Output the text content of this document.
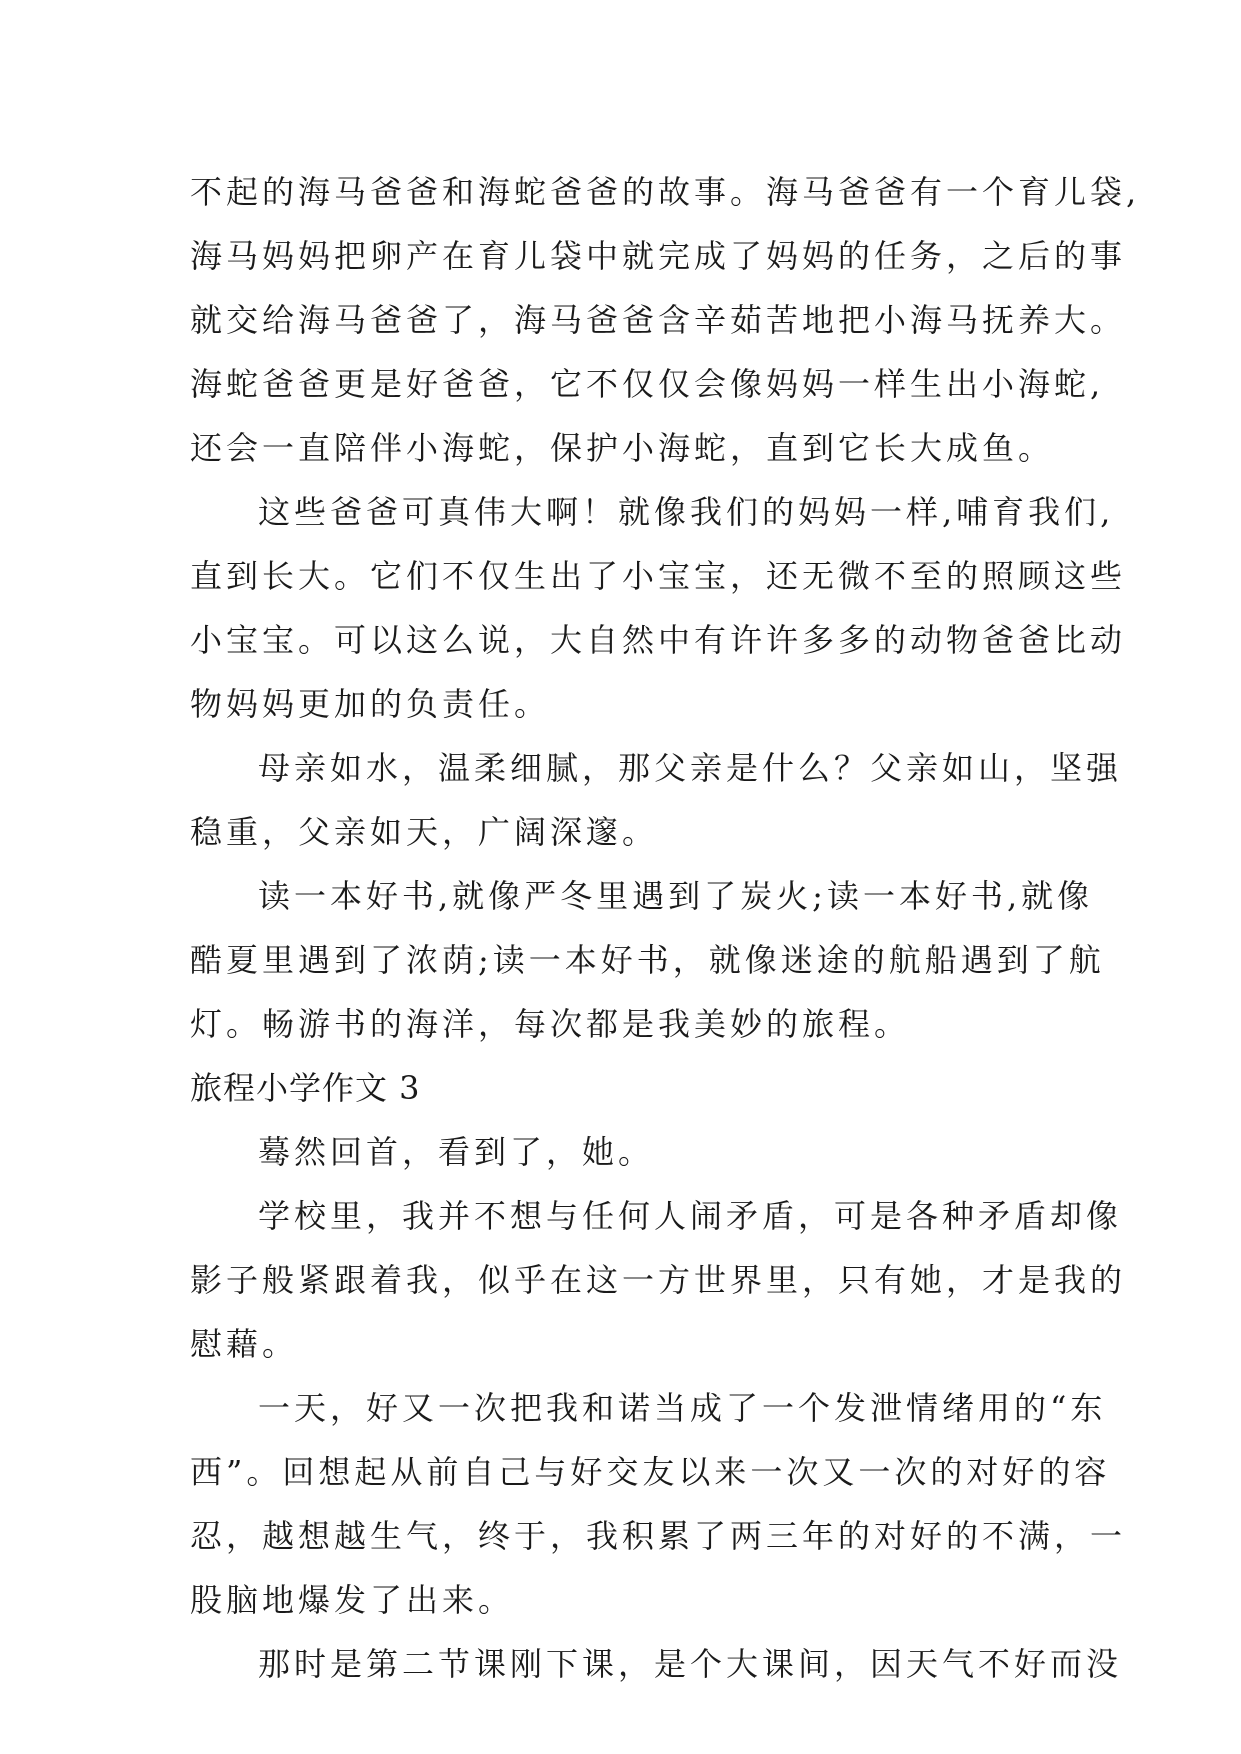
不起的海马爸爸和海蛇爸爸的故事。海马爸爸有一个育儿袋,
海马妈妈把卵产在育儿袋中就完成了妈妈的任务，之后的事
就交给海马爸爸了，海马爸爸含辛茹苦地把小海马抚养大。
海蛇爸爸更是好爸爸，它不仅仅会像妈妈一样生出小海蛇,
还会一直陪伴小海蛇，保护小海蛇，直到它长大成鱼。
这些爸爸可真伟大啊！就像我们的妈妈一样,哺育我们,
直到长大。它们不仅生出了小宝宝，还无微不至的照顾这些
小宝宝。可以这么说，大自然中有许许多多的动物爸爸比动
物妈妈更加的负责任。
母亲如水，温柔细腻，那父亲是什么？父亲如山，坚强
稳重，父亲如天，广阔深邃。
读一本好书,就像严冬里遇到了炭火;读一本好书,就像
酷夏里遇到了浓荫;读一本好书，就像迷途的航船遇到了航
灯。畅游书的海洋，每次都是我美妙的旅程。
旅程小学作文 3
蓦然回首，看到了，她。
学校里，我并不想与任何人闹矛盾，可是各种矛盾却像
影子般紧跟着我，似乎在这一方世界里，只有她，才是我的
慰藉。
一天，好又一次把我和诺当成了一个发泄情绪用的“东
西”。回想起从前自己与好交友以来一次又一次的对好的容
忍，越想越生气，终于，我积累了两三年的对好的不满，一
股脑地爆发了出来。
那时是第二节课刚下课，是个大课间，因天气不好而没
